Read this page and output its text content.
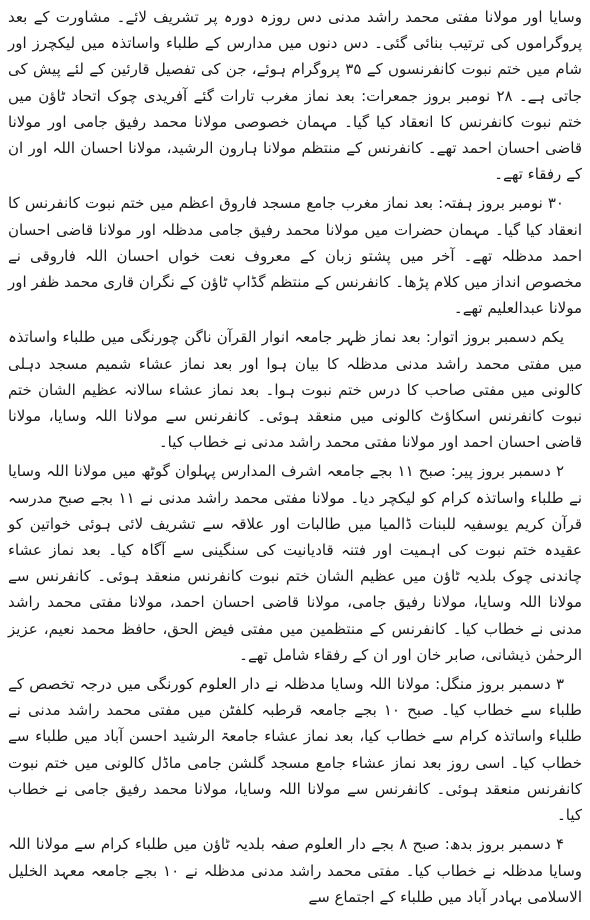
وسایا اور مولانا مفتی محمد راشد مدنی دس روزہ دورہ پر تشریف لائے۔ مشاورت کے بعد پروگراموں کی ترتیب بنائی گئی۔ دس دنوں میں مدارس کے طلباء واساتذہ میں لیکچرز اور شام میں ختم نبوت کانفرنسوں کے ۳۵ پروگرام ہوئے، جن کی تفصیل قارئین کے لئے پیش کی جاتی ہے۔ ۲۸ نومبر بروز جمعرات: بعد نماز مغرب تارات گئے آفریدی چوک اتحاد ٹاؤن میں ختم نبوت کانفرنس کا انعقاد کیا گیا۔ مہمان خصوصی مولانا محمد رفیق جامی اور مولانا قاضی احسان احمد تھے۔ کانفرنس کے منتظم مولانا ہارون الرشید، مولانا احسان اللہ اور ان کے رفقاء تھے۔

۳۰ نومبر بروز ہفتہ: بعد نماز مغرب جامع مسجد فاروق اعظم میں ختم نبوت کانفرنس کا انعقاد کیا گیا۔ مہمان حضرات میں مولانا محمد رفیق جامی مدظلہ اور مولانا قاضی احسان احمد مدظلہ تھے۔ آخر میں پشتو زبان کے معروف نعت خواں احسان اللہ فاروقی نے مخصوص انداز میں کلام پڑھا۔ کانفرنس کے منتظم گڈاپ ٹاؤن کے نگران قاری محمد ظفر اور مولانا عبدالعلیم تھے۔

یکم دسمبر بروز اتوار: بعد نماز ظہر جامعہ انوار القرآن ناگن چورنگی میں طلباء واساتذہ میں مفتی محمد راشد مدنی مدظلہ کا بیان ہوا اور بعد نماز عشاء شمیم مسجد دہلی کالونی میں مفتی صاحب کا درس ختم نبوت ہوا۔ بعد نماز عشاء سالانہ عظیم الشان ختم نبوت کانفرنس اسکاؤٹ کالونی میں منعقد ہوئی۔ کانفرنس سے مولانا اللہ وسایا، مولانا قاضی احسان احمد اور مولانا مفتی محمد راشد مدنی نے خطاب کیا۔

۲ دسمبر بروز پیر: صبح ۱۱ بجے جامعہ اشرف المدارس پہلوان گوٹھ میں مولانا اللہ وسایا نے طلباء واساتذہ کرام کو لیکچر دیا۔ مولانا مفتی محمد راشد مدنی نے ۱۱ بجے صبح مدرسہ قرآن کریم یوسفیہ للبنات ڈالمیا میں طالبات اور علاقہ سے تشریف لائی ہوئی خواتین کو عقیدہ ختم نبوت کی اہمیت اور فتنہ قادیانیت کی سنگینی سے آگاہ کیا۔ بعد نماز عشاء چاندنی چوک بلدیہ ٹاؤن میں عظیم الشان ختم نبوت کانفرنس منعقد ہوئی۔ کانفرنس سے مولانا اللہ وسایا، مولانا رفیق جامی، مولانا قاضی احسان احمد، مولانا مفتی محمد راشد مدنی نے خطاب کیا۔ کانفرنس کے منتظمین میں مفتی فیض الحق، حافظ محمد نعیم، عزیز الرحمٰن ذیشانی، صابر خان اور ان کے رفقاء شامل تھے۔

۳ دسمبر بروز منگل: مولانا اللہ وسایا مدظلہ نے دار العلوم کورنگی میں درجہ تخصص کے طلباء سے خطاب کیا۔ صبح ۱۰ بجے جامعہ قرطبہ کلفٹن میں مفتی محمد راشد مدنی نے طلباء واساتذہ کرام سے خطاب کیا، بعد نماز عشاء جامعۃ الرشید احسن آباد میں طلباء سے خطاب کیا۔ اسی روز بعد نماز عشاء جامع مسجد گلشن جامی ماڈل کالونی میں ختم نبوت کانفرنس منعقد ہوئی۔ کانفرنس سے مولانا اللہ وسایا، مولانا محمد رفیق جامی نے خطاب کیا۔

۴ دسمبر بروز بدھ: صبح ۸ بجے دار العلوم صفہ بلدیہ ٹاؤن میں طلباء کرام سے مولانا اللہ وسایا مدظلہ نے خطاب کیا۔ مفتی محمد راشد مدنی مدظلہ نے ۱۰ بجے جامعہ معہد الخلیل الاسلامی بہادر آباد میں طلباء کے اجتماع سے
